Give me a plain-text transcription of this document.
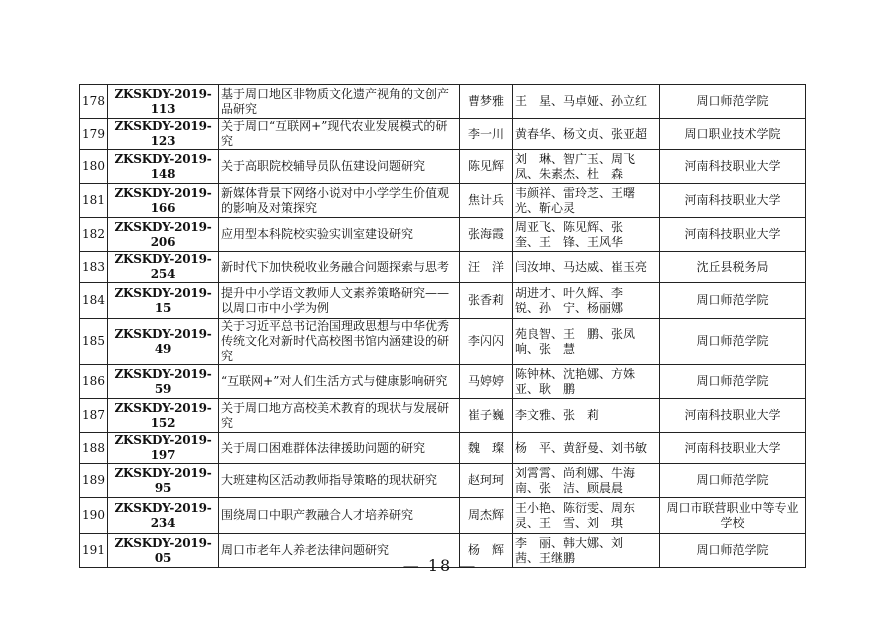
178	ZKSKDY-2019-113	基于周口地区非物质文化遗产视角的文创产品研究	曹梦雅	王　星、马卓娅、孙立红	周口师范学院
179	ZKSKDY-2019-123	关于周口“互联网+”现代农业发展模式的研究	李一川	黄春华、杨文贞、张亚超	周口职业技术学院
180	ZKSKDY-2019-148	关于高职院校辅导员队伍建设问题研究	陈见辉	刘　琳、智广玉、周飞凤、朱素杰、杜　森	河南科技职业大学
181	ZKSKDY-2019-166	新媒体背景下网络小说对中小学学生价值观的影响及对策探究	焦计兵	韦颜祥、雷玲芝、王曙光、靳心灵	河南科技职业大学
182	ZKSKDY-2019-206	应用型本科院校实验实训室建设研究	张海霞	周亚飞、陈见辉、张　奎、王　锋、王风华	河南科技职业大学
183	ZKSKDY-2019-254	新时代下加快税收业务融合问题探索与思考	汪　洋	闫汝坤、马达威、崔玉亮	沈丘县税务局
184	ZKSKDY-2019-15	提升中小学语文教师人文素养策略研究——以周口市中小学为例	张香莉	胡进才、叶久辉、李　锐、孙　宁、杨丽娜	周口师范学院
185	ZKSKDY-2019-49	关于习近平总书记治国理政思想与中华优秀传统文化对新时代高校图书馆内涵建设的研究	李闪闪	苑良智、王　鹏、张凤响、张　慧	周口师范学院
186	ZKSKDY-2019-59	“互联网+”对人们生活方式与健康影响研究	马婷婷	陈钟林、沈艳娜、方姝亚、耿　鹏	周口师范学院
187	ZKSKDY-2019-152	关于周口地方高校美术教育的现状与发展研究	崔子巍	李文雅、张　莉	河南科技职业大学
188	ZKSKDY-2019-197	关于周口困难群体法律援助问题的研究	魏　璨	杨　平、黄舒曼、刘书敏	河南科技职业大学
189	ZKSKDY-2019-95	大班建构区活动教师指导策略的现状研究	赵珂珂	刘霄霄、尚利娜、牛海南、张　洁、顾晨晨	周口师范学院
190	ZKSKDY-2019-234	围绕周口中职产教融合人才培养研究	周杰辉	王小艳、陈衍雯、周东灵、王　雪、刘　琪	周口市联营职业中等专业学校
191	ZKSKDY-2019-05	周口市老年人养老法律问题研究	杨　辉	李　丽、韩大娜、刘　茜、王继鹏	周口师范学院
— 18 —
